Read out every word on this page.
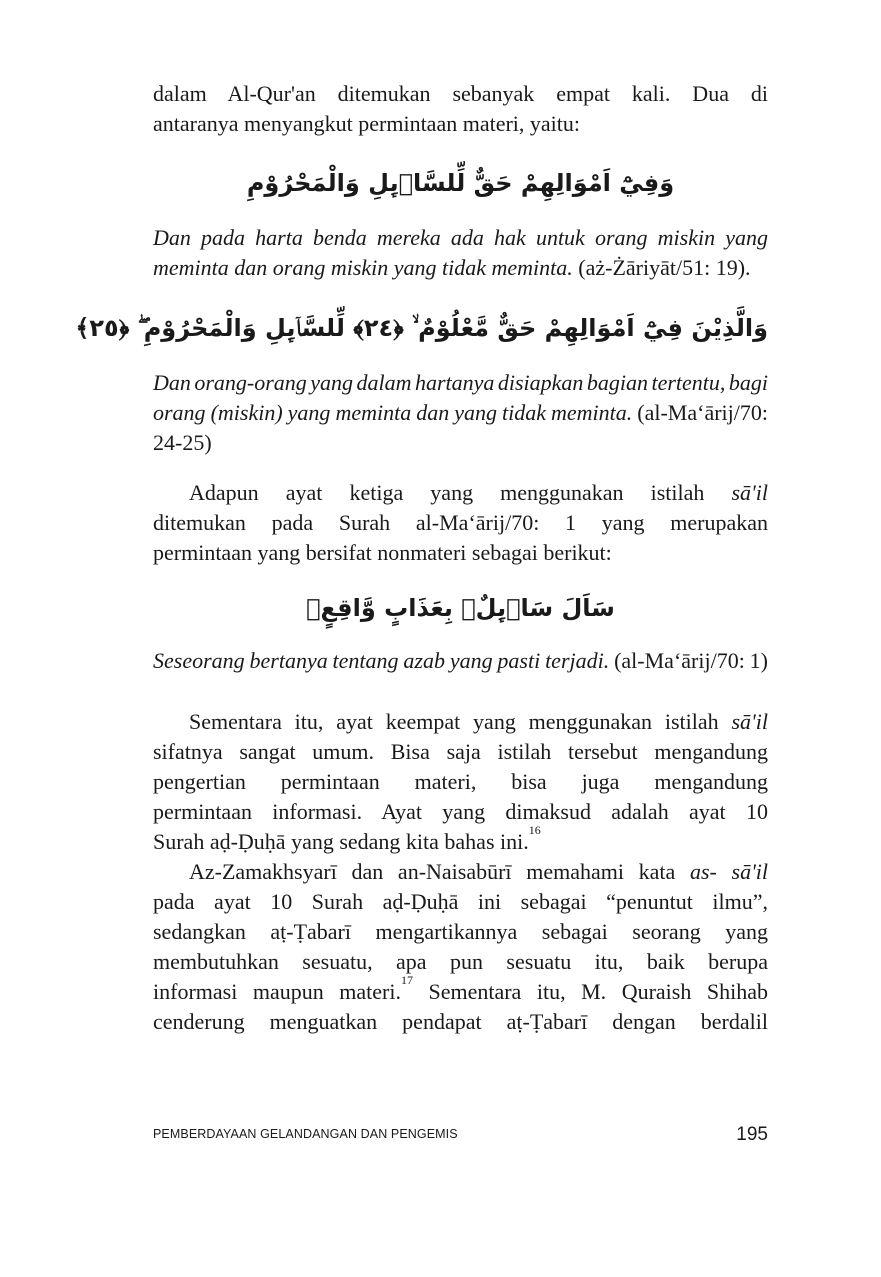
dalam Al-Qur'an ditemukan sebanyak empat kali. Dua di
antaranya menyangkut permintaan materi, yaitu:
Dan pada harta benda mereka ada hak untuk orang miskin yang
meminta dan orang miskin yang tidak meminta. (aż-Żāriyāt/51: 19).
Dan orang-orang yang dalam hartanya disiapkan bagian tertentu, bagi
orang (miskin) yang meminta dan yang tidak meminta. (al-Ma‘ārij/70:
24-25)
Adapun ayat ketiga yang menggunakan istilah sā'il
ditemukan pada Surah al-Ma‘ārij/70: 1 yang merupakan
permintaan yang bersifat nonmateri sebagai berikut:
Seseorang bertanya tentang azab yang pasti terjadi. (al-Ma‘ārij/70: 1)
Sementara itu, ayat keempat yang menggunakan istilah sā'il
sifatnya sangat umum. Bisa saja istilah tersebut mengandung
pengertian permintaan materi, bisa juga mengandung
permintaan informasi. Ayat yang dimaksud adalah ayat 10
Surah aḍ-Ḍuḥā yang sedang kita bahas ini.$^{16}$
Az-Zamakhsyarī dan an-Naisabūrī memahami kata as- sā'il
pada ayat 10 Surah aḍ-Ḍuḥā ini sebagai “penuntut ilmu”,
sedangkan aṭ-Ṭabarī mengartikannya sebagai seorang yang
membutuhkan sesuatu, apa pun sesuatu itu, baik berupa
informasi maupun materi.$^{17}$ Sementara itu, M. Quraish Shihab
cenderung menguatkan pendapat aṭ-Ṭabarī dengan berdalil
وَفِيْٓ اَمْوَالِهِمْ حَقٌّ لِّلسَّاۤىِٕلِ وَالْمَحْرُوْمِ
وَالَّذِيْنَ فِيْٓ اَمْوَالِهِمْ حَقٌّ مَّعْلُوْمٌ ۙ ﴿٢٤﴾ لِّلسَّاۤىِٕلِ وَالْمَحْرُوْمِ ۖ ﴿٢٥﴾
سَاَلَ سَاۤىِٕلٌۢ بِعَذَابٍ وَّاقِعٍۙ
PEMBERDAYAAN GELANDANGAN DAN PENGEMIS	195
